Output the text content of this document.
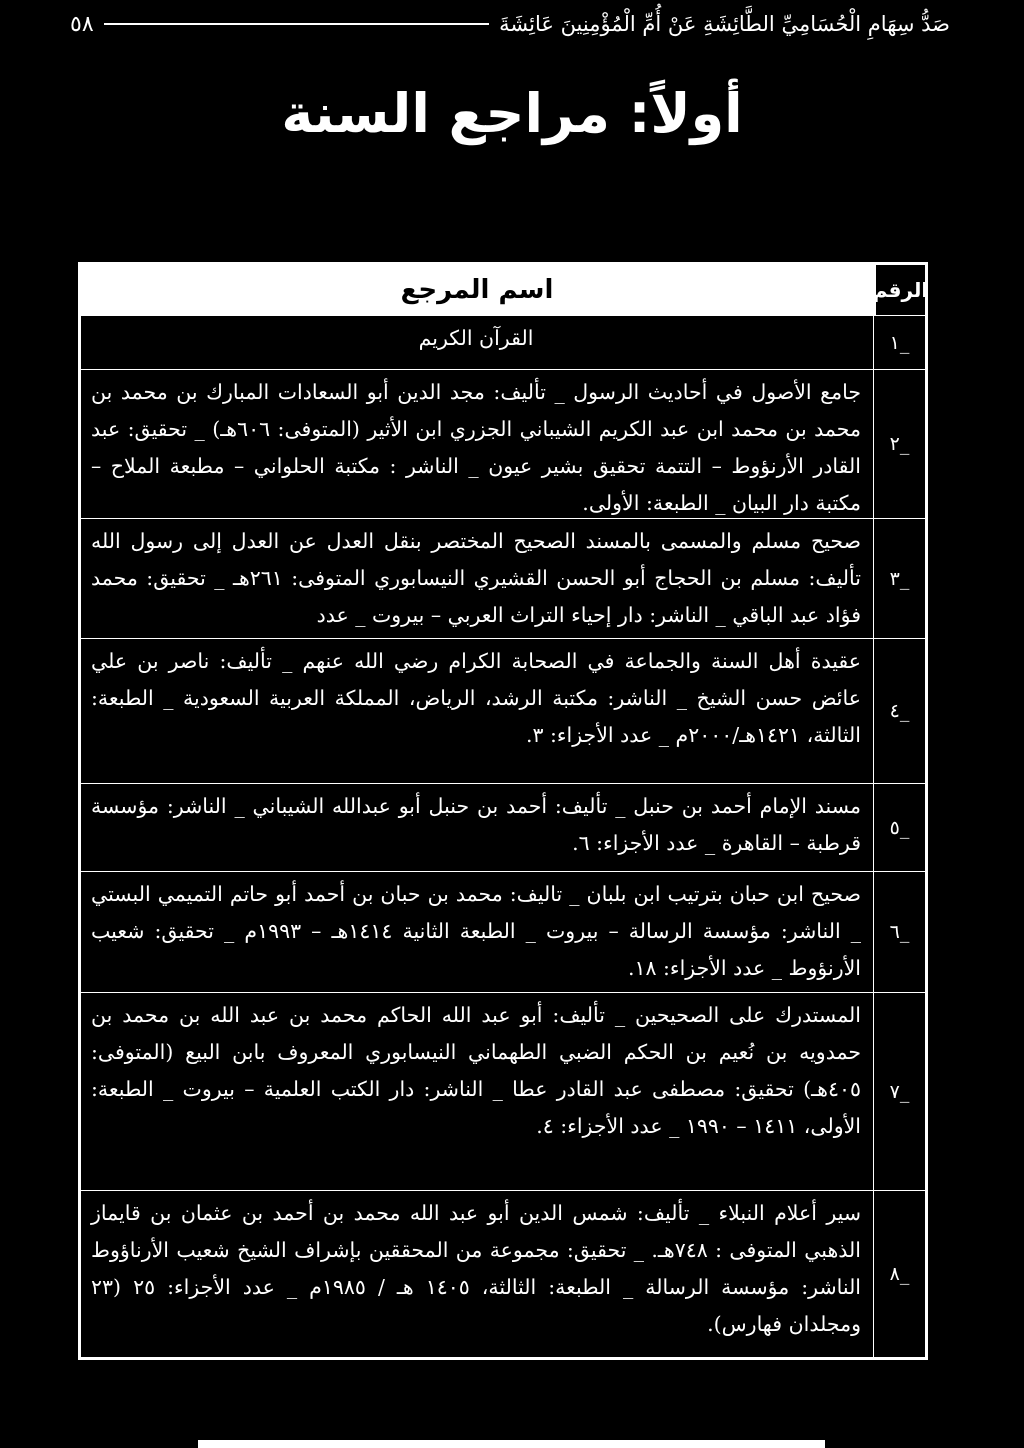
صَدُّ سِهَامِ الْحُسَامِيِّ الطَّائِشَةِ عَنْ أُمِّ الْمُؤْمِنِينَ عَائِشَةَ
٥٨
أولاً: مراجع السنة
الرقم
اسم المرجع
_١
القرآن الكريم
_٢
جامع الأصول في أحاديث الرسول _ تأليف: مجد الدين أبو السعادات المبارك بن محمد بن محمد بن محمد ابن عبد الكريم الشيباني الجزري ابن الأثير (المتوفى: ٦٠٦هـ) _ تحقيق: عبد القادر الأرنؤوط – التتمة تحقيق بشير عيون _ الناشر : مكتبة الحلواني – مطبعة الملاح – مكتبة دار البيان _ الطبعة: الأولى.
_٣
صحيح مسلم والمسمى بالمسند الصحيح المختصر بنقل العدل عن العدل إلى رسول الله تأليف: مسلم بن الحجاج أبو الحسن القشيري النيسابوري المتوفى: ٢٦١هـ _ تحقيق: محمد فؤاد عبد الباقي _ الناشر: دار إحياء التراث العربي – بيروت _ عدد
_٤
عقيدة أهل السنة والجماعة في الصحابة الكرام رضي الله عنهم _ تأليف: ناصر بن علي عائض حسن الشيخ _ الناشر: مكتبة الرشد، الرياض، المملكة العربية السعودية _ الطبعة: الثالثة، ١٤٢١هـ/٢٠٠٠م _ عدد الأجزاء: ٣.
_٥
مسند الإمام أحمد بن حنبل _ تأليف: أحمد بن حنبل أبو عبدالله الشيباني _ الناشر: مؤسسة قرطبة – القاهرة _ عدد الأجزاء: ٦.
_٦
صحيح ابن حبان بترتيب ابن بلبان _ تاليف: محمد بن حبان بن أحمد أبو حاتم التميمي البستي _ الناشر: مؤسسة الرسالة – بيروت _ الطبعة الثانية ١٤١٤هـ – ١٩٩٣م _ تحقيق: شعيب الأرنؤوط _ عدد الأجزاء: ١٨.
_٧
المستدرك على الصحيحين _ تأليف: أبو عبد الله الحاكم محمد بن عبد الله بن محمد بن حمدويه بن نُعيم بن الحكم الضبي الطهماني النيسابوري المعروف بابن البيع (المتوفى: ٤٠٥هـ) تحقيق: مصطفى عبد القادر عطا _ الناشر: دار الكتب العلمية – بيروت _ الطبعة: الأولى، ١٤١١ – ١٩٩٠ _ عدد الأجزاء: ٤.
_٨
سير أعلام النبلاء _ تأليف: شمس الدين أبو عبد الله محمد بن أحمد بن عثمان بن قايماز الذهبي المتوفى : ٧٤٨هـ. _ تحقيق: مجموعة من المحققين بإشراف الشيخ شعيب الأرناؤوط الناشر: مؤسسة الرسالة _ الطبعة: الثالثة، ١٤٠٥ هـ / ١٩٨٥م _ عدد الأجزاء: ٢٥ (٢٣ ومجلدان فهارس).
